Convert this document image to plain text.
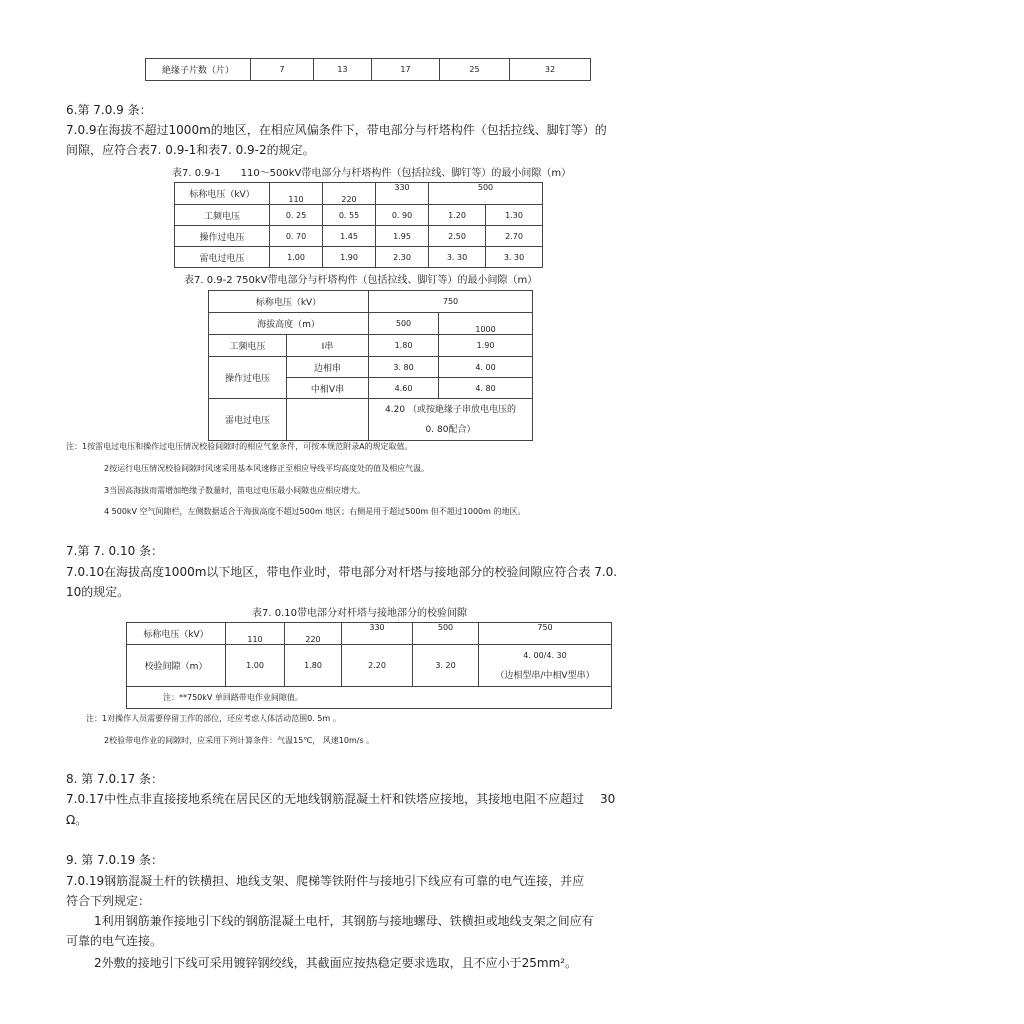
絶缘子片数（片）	7	13	17	25	32
6.第 7.0.9 条：
7.0.9在海拔不超过1000m的地区，在相应风偏条件下，带电部分与杆塔构件（包括拉线、脚钉等）的
间隙，应符合表7. 0.9-1和表7. 0.9-2的规定。
表7. 0.9-1　　110～500kV带电部分与杆塔构件（包括拉线、脚钉等）的最小间隙（m）
标称电压（kV）	110	220	330	500	
工频电压	0. 25	0. 55	0. 90	1.20	1.30
操作过电压	0. 70	1.45	1.95	2.50	2.70
雷电过电压	1.00	1.90	2.30	3. 30	3. 30
表7. 0.9-2 750kV带电部分与杆塔构件（包括拉线、脚钉等）的最小间隙（m）
标称电压（kV）		750	
海拔高度（m）		500	1000
工频电压	I串	1.80	1.90
操作过电压	边相串	3. 80	4. 00
	中相V串	4.60	4. 80
雷电过电压		4.20 （或按絶缘子串放电电压的
0. 80配合）	
注：1按雷电过电压和操作过电压情况校验间隙时的相应气象条件，可按本规范附录A的规定取值。
2按运行电压情况校验间隙时风速采用基本风速修正至相应导线平均高度处的值及相应气温。
3当因高海拔而需增加绝缘子数量时，笛电过电压最小间隙也应相应增大。
4 500kV 空气间隙栏，左侧数据适合于海拔高度不超过500m 地区；右侧是用于超过500m 但不超过1000m 的地区。
7.第 7. 0.10 条：
7.0.10在海拔高度1000m以下地区，带电作业时，带电部分对杆塔与接地部分的校验间隙应符合表 7.0.
10的规定。
表7. 0.10带电部分对杆塔与接地部分的校验间隙
标称电压（kV）	110	220	330	500	750
校验间隙（m）	1.00	1.80	2.20	3. 20	4. 00/4. 30
（边相型串/中相V型串）

注：**750kV 单回路带电作业间隙值。					
注：1对操作人员需要停留工作的部位，还应考虑人体活动范围0. 5m 。
2校验带电作业的间隙时，应采用下列计算条件：气温15℃， 风速10m/s 。
8. 第 7.0.17 条：
7.0.17中性点非直接接地系统在居民区的无地线钢筋混凝土杆和铁塔应接地，其接地电阻不应超过　 30
Ω。
9. 第 7.0.19 条：
7.0.19钢筋混凝土杆的铁横担、地线支架、爬梯等铁附件与接地引下线应有可靠的电气连接，并应
符合下列规定：
1利用钢筋兼作接地引下线的钢筋混凝土电杆，其钢筋与接地螺母、铁横担或地线支架之间应有
可靠的电气连接。
2外敷的接地引下线可采用镀锌钢绞线，其截面应按热稳定要求选取，且不应小于25mm²。
